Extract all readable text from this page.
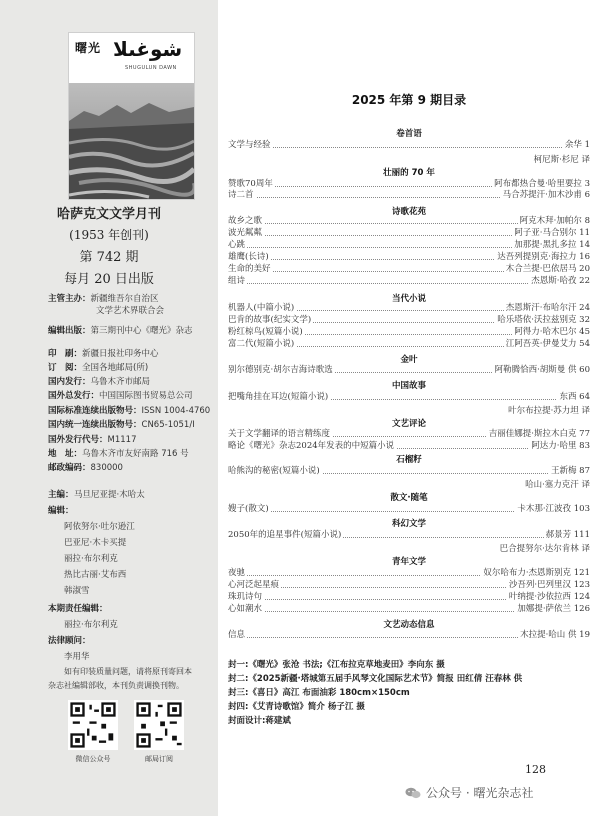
曙光 شوغىلا
SHUGULUN DAWN
哈萨克文文学月刊
(1953 年创刊)
第 742 期
每月 20 日出版
主管主办：新疆维吾尔自治区
文学艺术界联合会
编辑出版：第三期刊中心《曙光》杂志
印　刷：新疆日报社印务中心
订　阅：全国各地邮局(所)
国内发行：乌鲁木齐市邮局
国外总发行：中国国际图书贸易总公司
国际标准连续出版物号：ISSN 1004-4760
国内统一连续出版物号：CN65-1051/I
国外发行代号：M1117
地　址：乌鲁木齐市友好南路 716 号
邮政编码：830000
主编： 马旦尼亚提·木哈太
编辑：
阿依努尔·吐尔逊江
巴亚尼·木卡买提
丽拉·布尔利克
热比古丽·艾布西
韩淑雪
本期责任编辑：
丽拉·布尔利克
法律顾问：
李用华
如有印装质量问题，请将原刊寄回本
杂志社编辑部收，本刊负责调换刊物。
微信公众号	邮局订阅
2025 年第 9 期目录
卷首语
文学与经验	余华 1
柯尼斯·杉尼 译
壮丽的 70 年
赞歌70周年	阿布都热合曼·哈里要拉 3
诗二首	马合苏提汗·加木沙甫 6
诗歌花苑
故乡之歌	阿克木拜·加帕尔 8
波光粼粼	阿子亚·马合别尔 11
心跳	加那提·黑扎多拉 14
雄鹰(长诗)	达吾列提别克·海拉力 16
生命的美好	木合兰提·巴依居马 20
组诗	杰恩斯·哈孜 22
当代小说
机器人(中篇小说)	杰恩斯汗·布哈尔汗 24
巴肯的故事(纪实文学)	哈乐塔依·沃拉兹别克 32
粉红椋鸟(短篇小说)	阿得力·哈木巴尔 45
富二代(短篇小说)	江阿吾英·伊曼艾力 54
金叶
别尔德别克·胡尔吉海诗歌选	阿勒腾恰西·胡斯曼 供 60
中国故事
把嘴角挂在耳边(短篇小说)	东西 64
叶尔布拉提·苏力坦 译
文艺评论
关于文学翻译的语言精练度	吉丽佳娜提·斯拉木白克 77
略论《曙光》杂志2024年发表的中短篇小说	阿达力·哈里 83
石榴籽
哈熊沟的秘密(短篇小说)	王新梅 87
哈山·塞力克汗 译
散文·随笔
嫂子(散文)	卡木那·江波孜 103
科幻文学
2050年的追星事件(短篇小说)	郝景芳 111
巴合提努尔·达尔肯林 译
青年文学
夜驰	奴尔哈布力·杰恩斯别克 121
心河泛起星痕	沙吾列·巴列里汉 123
珠玑诗句	叶纳提·沙依拉西 124
心如潮水	加娜提·萨依兰 126
文艺动态信息
信息	木拉提·哈山 供 19
封一:《曙光》张沧 书法;《江布拉克草地麦田》李向东 摄
封二:《2025新疆·塔城第五届手风琴文化国际艺术节》简报 田红倩 汪春林 供
封三:《喜日》高江 布面油彩 180cm×150cm
封四:《艾青诗歌馆》简介 杨子江 摄
封面设计:蒋建斌
128
公众号 · 曙光杂志社
